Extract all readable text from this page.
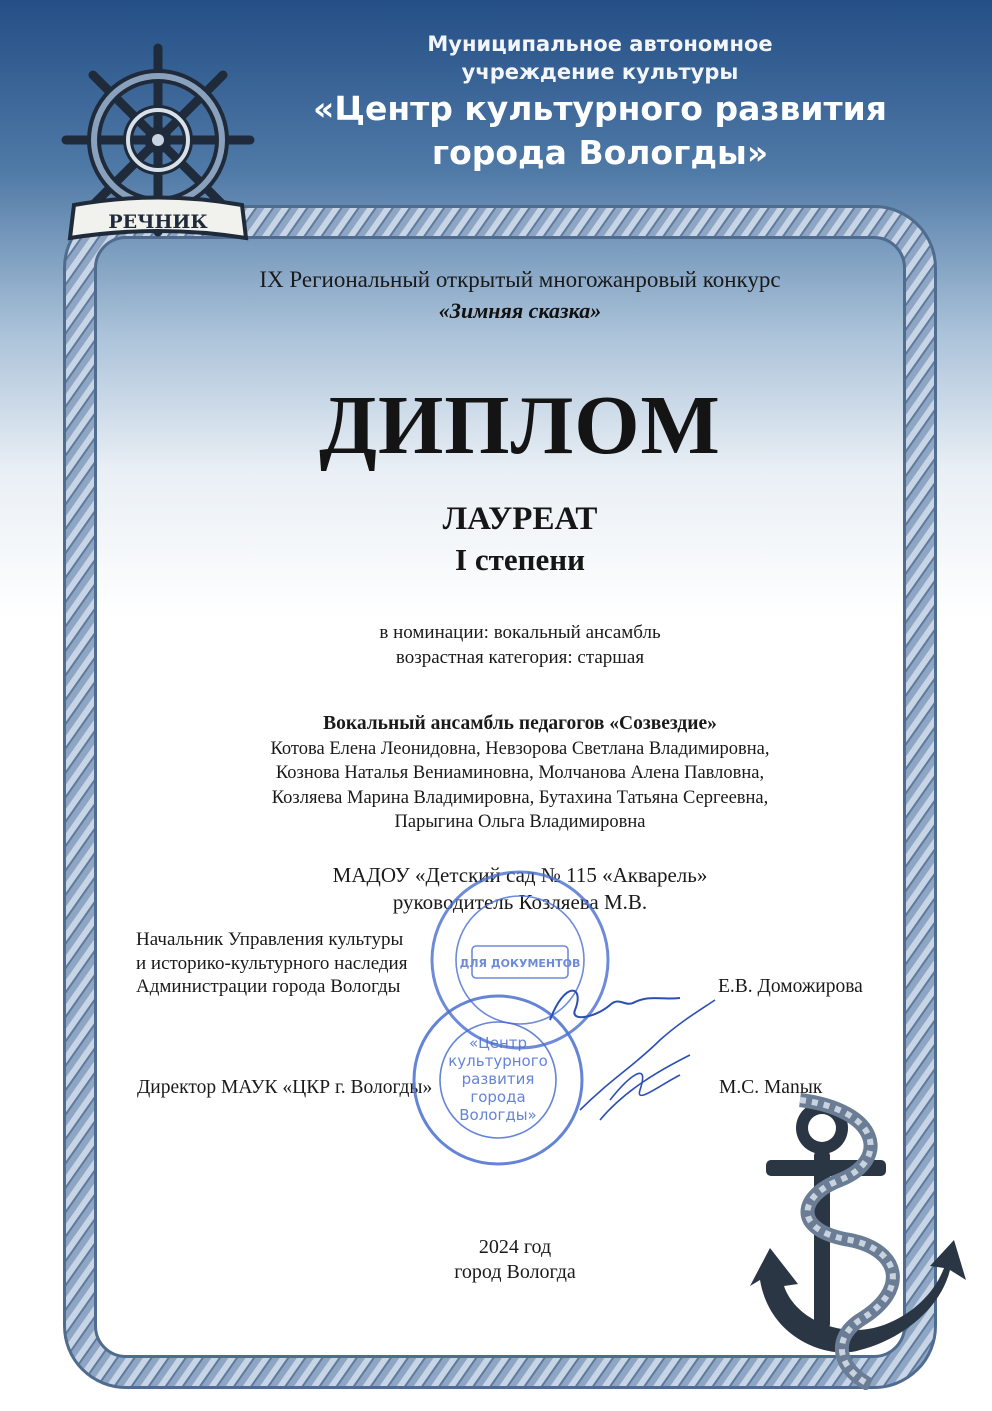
РЕЧНИК
Муниципальное автономное
учреждение культуры
«Центр культурного развития
города Вологды»
IX Региональный открытый многожанровый конкурс
«Зимняя сказка»
ДИПЛОМ
ЛАУРЕАТ
I степени
в номинации: вокальный ансамбль
возрастная категория: старшая
Вокальный ансамбль педагогов «Созвездие»
Котова Елена Леонидовна, Невзорова Светлана Владимировна,
Кознова Наталья Вениаминовна, Молчанова Алена Павловна,
Козляева Марина Владимировна, Бутахина Татьяна Сергеевна,
Парыгина Ольга Владимировна
МАДОУ «Детский сад № 115 «Акварель»
руководитель Козляева М.В.
Начальник Управления культуры
и историко-культурного наследия
Администрации города Вологды	Е.В. Доможирова
Директор МАУК «ЦКР г. Вологды»	М.С. Маnык
ДЛЯ ДОКУМЕНТОВ
«Центр
культурного
развития
города
Вологды»
2024 год
город Вологда
